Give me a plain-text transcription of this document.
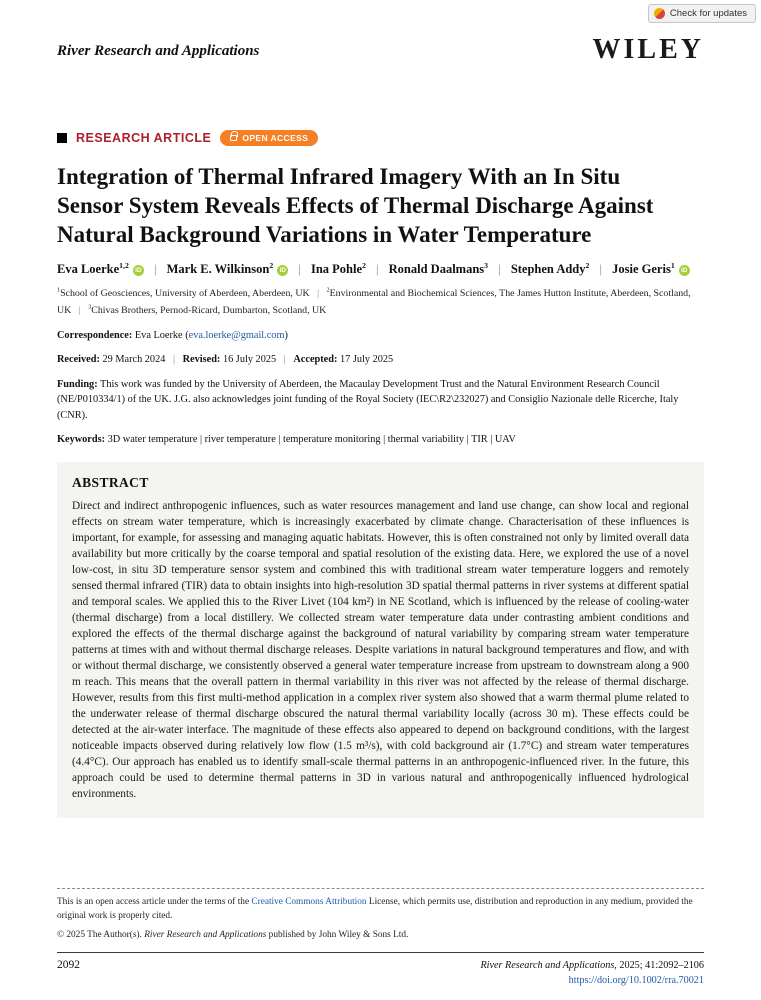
Check for updates
River Research and Applications	WILEY
RESEARCH ARTICLE	OPEN ACCESS
Integration of Thermal Infrared Imagery With an In Situ Sensor System Reveals Effects of Thermal Discharge Against Natural Background Variations in Water Temperature
Eva Loerke$^{1,2}$iD | Mark E. Wilkinson$^2$iD | Ina Pohle$^2$ | Ronald Daalmans$^3$ | Stephen Addy$^2$ | Josie Geris$^1$iD

$^1$School of Geosciences, University of Aberdeen, Aberdeen, UK | $^2$Environmental and Biochemical Sciences, The James Hutton Institute, Aberdeen, Scotland, UK | $^3$Chivas Brothers, Pernod-Ricard, Dumbarton, Scotland, UK

Correspondence: Eva Loerke (eva.loerke@gmail.com)

Received: 29 March 2024 | Revised: 16 July 2025 | Accepted: 17 July 2025

Funding: This work was funded by the University of Aberdeen, the Macaulay Development Trust and the Natural Environment Research Council (NE/P010334/1) of the UK. J.G. also acknowledges joint funding of the Royal Society (IEC\R2\232027) and Consiglio Nazionale delle Ricerche, Italy (CNR).

Keywords: 3D water temperature | river temperature | temperature monitoring | thermal variability | TIR | UAV

ABSTRACT

Direct and indirect anthropogenic influences, such as water resources management and land use change, can show local and regional effects on stream water temperature, which is increasingly exacerbated by climate change. Characterisation of these influences is important, for example, for assessing and managing aquatic habitats. However, this is often constrained not only by limited overall data availability but more critically by the coarse temporal and spatial resolution of the existing data. Here, we explored the use of a novel low-cost, in situ 3D temperature sensor system and combined this with traditional stream water temperature loggers and remotely sensed thermal infrared (TIR) data to obtain insights into high-resolution 3D spatial thermal patterns in river systems at different spatial and temporal scales. We applied this to the River Livet (104 km²) in NE Scotland, which is influenced by the release of cooling-water (thermal discharge) from a local distillery. We collected stream water temperature data under contrasting ambient conditions and explored the effects of the thermal discharge against the background of natural variability by comparing stream water temperature patterns at times with and without thermal discharge releases. Despite variations in natural background temperatures and flow, and with or without thermal discharge, we consistently observed a general water temperature increase from upstream to downstream along a 900 m reach. This means that the overall pattern in thermal variability in this river was not affected by the release of thermal discharge. However, results from this first multi-method application in a complex river system also showed that a warm thermal plume related to the underwater release of thermal discharge obscured the natural thermal variability locally (across 30 m). These effects could be detected at the air-water interface. The magnitude of these effects also appeared to depend on background conditions, with the largest noticeable impacts observed during relatively low flow (1.5 m³/s), with cold background air (1.7°C) and stream water temperatures (4.4°C). Our approach has enabled us to identify small-scale thermal patterns in an anthropogenic-influenced river. In the future, this approach could be used to determine thermal patterns in 3D in various natural and anthropogenically influenced hydrological environments.

This is an open access article under the terms of the Creative Commons Attribution License, which permits use, distribution and reproduction in any medium, provided the original work is properly cited.

© 2025 The Author(s). River Research and Applications published by John Wiley & Sons Ltd.

2092	River Research and Applications, 2025; 41:2092–2106
https://doi.org/10.1002/rra.70021
